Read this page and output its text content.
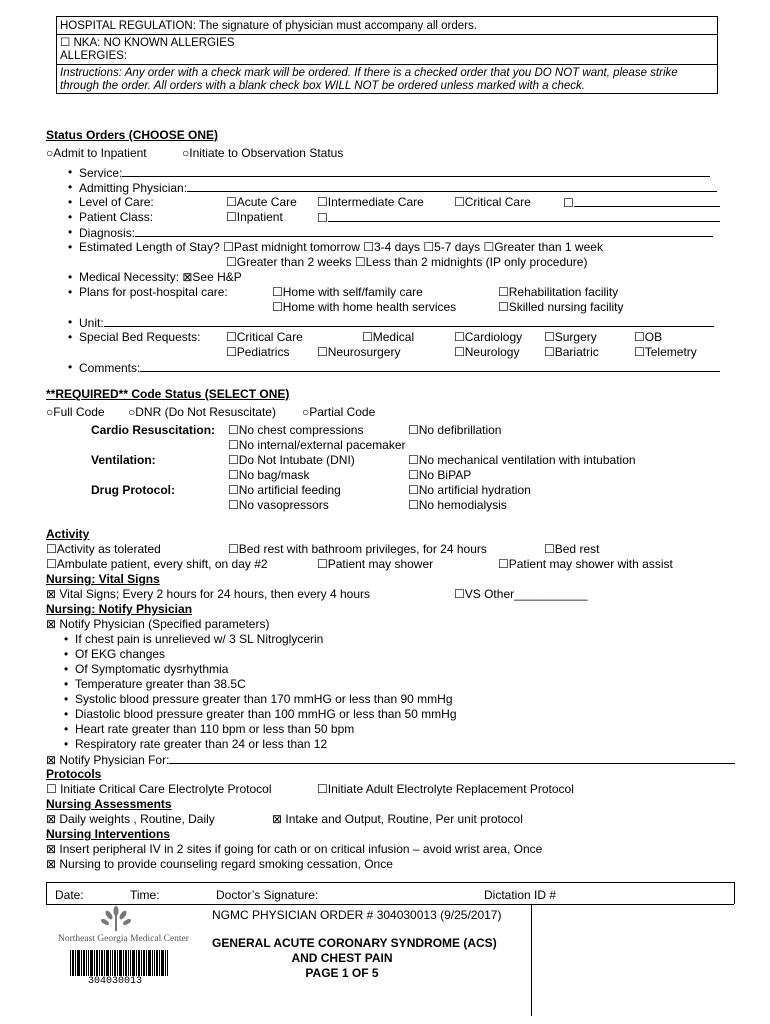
HOSPITAL REGULATION: The signature of physician must accompany all orders.
☐ NKA: NO KNOWN ALLERGIES
ALLERGIES:
Instructions: Any order with a check mark will be ordered. If there is a checked order that you DO NOT want, please strike
through the order. All orders with a blank check box WILL NOT be ordered unless marked with a check.
Status Orders (CHOOSE ONE)
○Admit to Inpatient	○Initiate to Observation Status
• Service:
• Admitting Physician:
• Level of Care:	☐Acute Care ☐Intermediate Care	☐Critical Care	☐
• Patient Class:	☐Inpatient	☐
• Diagnosis:
• Estimated Length of Stay? ☐Past midnight tomorrow ☐3-4 days ☐5-7 days ☐Greater than 1 week
☐Greater than 2 weeks ☐Less than 2 midnights (IP only procedure)
• Medical Necessity: ⊠See H&P
• Plans for post-hospital care:	☐Home with self/family care	☐Rehabilitation facility
☐Home with home health services	☐Skilled nursing facility
• Unit:
• Special Bed Requests: ☐Critical Care	☐Medical	☐Cardiology ☐Surgery	☐OB
☐Pediatrics ☐Neurosurgery	☐Neurology ☐Bariatric	☐Telemetry
• Comments:
**REQUIRED** Code Status (SELECT ONE)
○Full Code ○DNR (Do Not Resuscitate) ○Partial Code
Cardio Resuscitation: ☐No chest compressions	☐No defibrillation
☐No internal/external pacemaker
Ventilation:	☐Do Not Intubate (DNI)	☐No mechanical ventilation with intubation
☐No bag/mask	☐No BiPAP
Drug Protocol:	☐No artificial feeding	☐No artificial hydration
☐No vasopressors	☐No hemodialysis
Activity
☐Activity as tolerated	☐Bed rest with bathroom privileges, for 24 hours	☐Bed rest
☐Ambulate patient, every shift, on day #2	☐Patient may shower	☐Patient may shower with assist
Nursing: Vital Signs
⊠ Vital Signs; Every 2 hours for 24 hours, then every 4 hours	☐VS Other___________
Nursing: Notify Physician
⊠ Notify Physician (Specified parameters)
• If chest pain is unrelieved w/ 3 SL Nitroglycerin
• Of EKG changes
• Of Symptomatic dysrhythmia
• Temperature greater than 38.5C
• Systolic blood pressure greater than 170 mmHG or less than 90 mmHg
• Diastolic blood pressure greater than 100 mmHG or less than 50 mmHg
• Heart rate greater than 110 bpm or less than 50 bpm
• Respiratory rate greater than 24 or less than 12
⊠ Notify Physician For:
Protocols
☐ Initiate Critical Care Electrolyte Protocol	☐Initiate Adult Electrolyte Replacement Protocol
Nursing Assessments
⊠ Daily weights , Routine, Daily	⊠ Intake and Output, Routine, Per unit protocol
Nursing Interventions
⊠ Insert peripheral IV in 2 sites if going for cath or on critical infusion – avoid wrist area, Once
⊠ Nursing to provide counseling regard smoking cessation, Once
Date:	Time:	Doctor’s Signature:	Dictation ID #
NGMC PHYSICIAN ORDER # 304030013 (9/25/2017)
Northeast Georgia Medical Center
304030013
GENERAL ACUTE CORONARY SYNDROME (ACS)
AND CHEST PAIN
PAGE 1 OF 5
